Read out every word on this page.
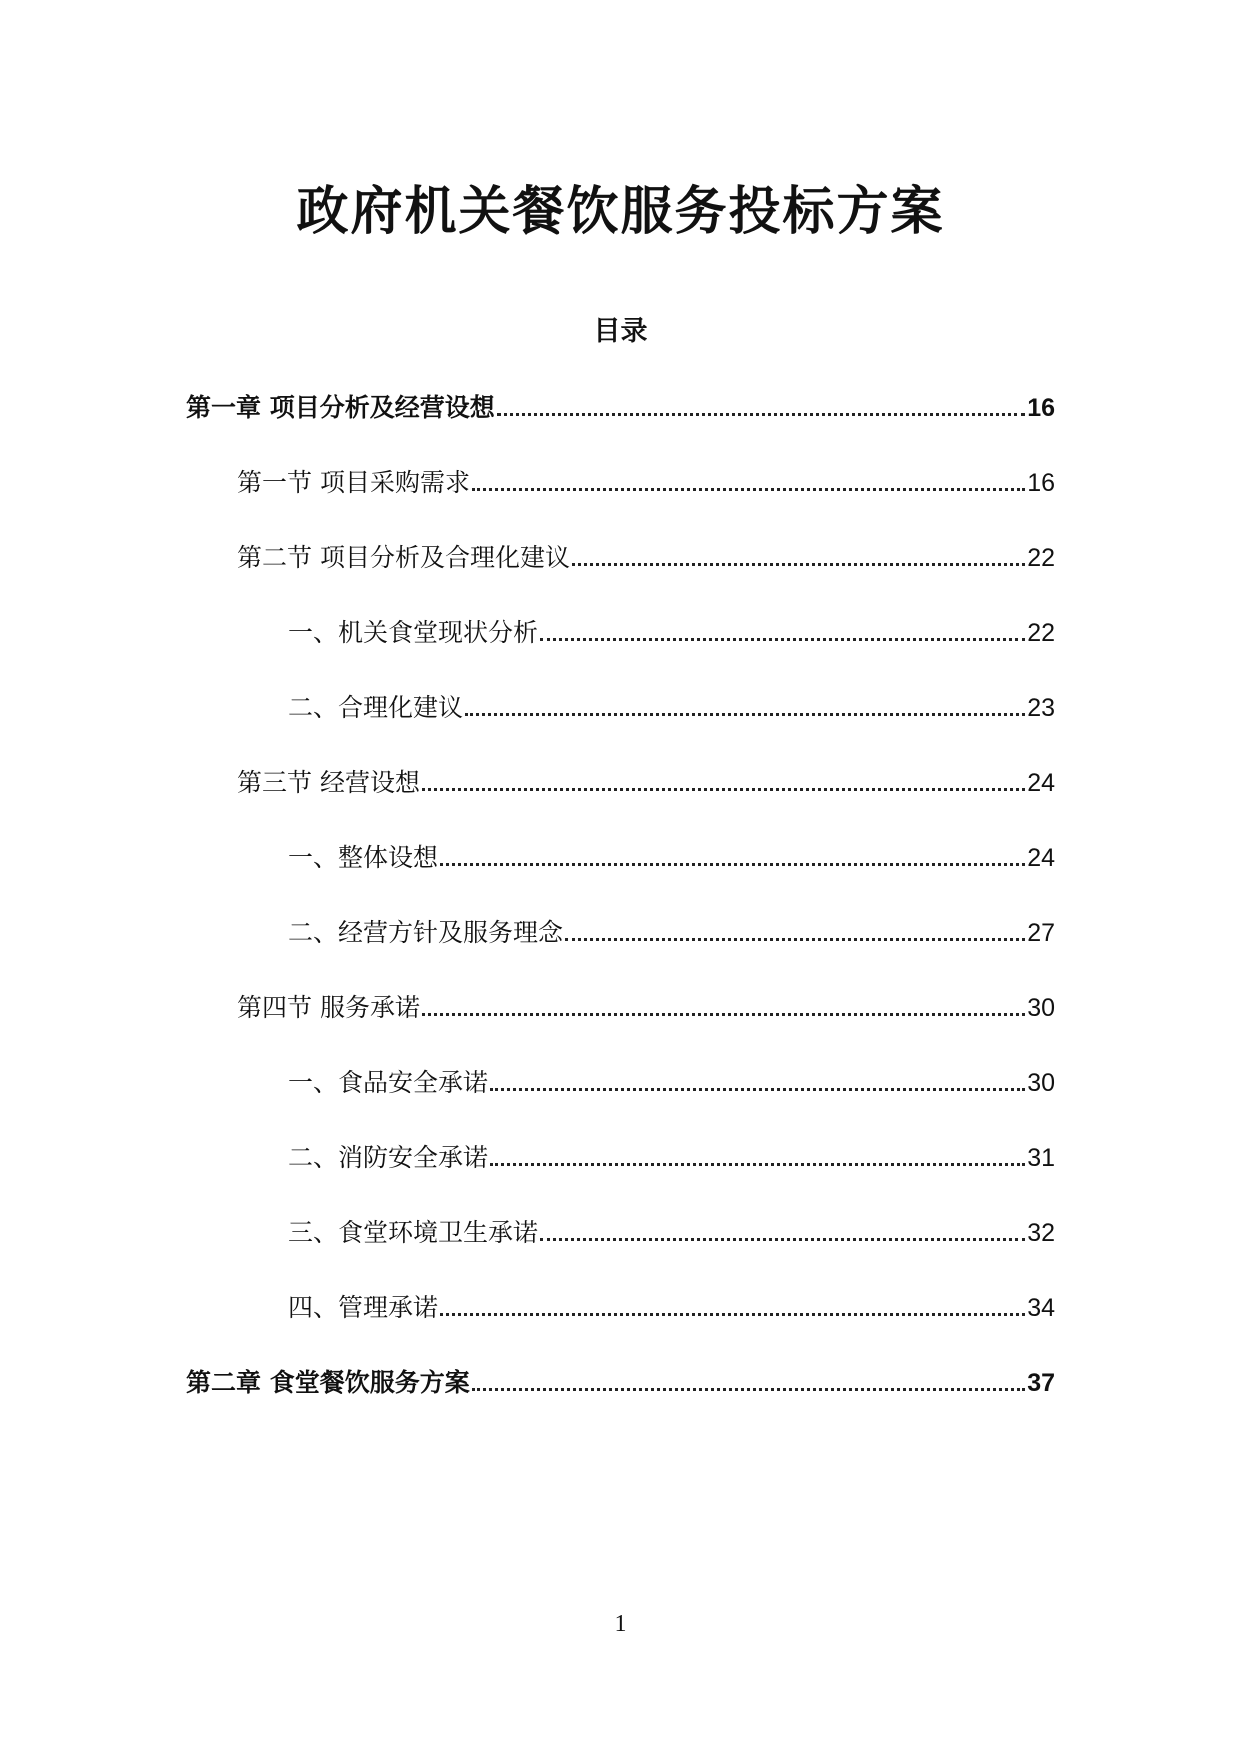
政府机关餐饮服务投标方案
目录
第一章 项目分析及经营设想	16
第一节 项目采购需求	16
第二节 项目分析及合理化建议	22
一、机关食堂现状分析	22
二、合理化建议	23
第三节 经营设想	24
一、整体设想	24
二、经营方针及服务理念	27
第四节 服务承诺	30
一、食品安全承诺	30
二、消防安全承诺	31
三、食堂环境卫生承诺	32
四、管理承诺	34
第二章 食堂餐饮服务方案	37
1
